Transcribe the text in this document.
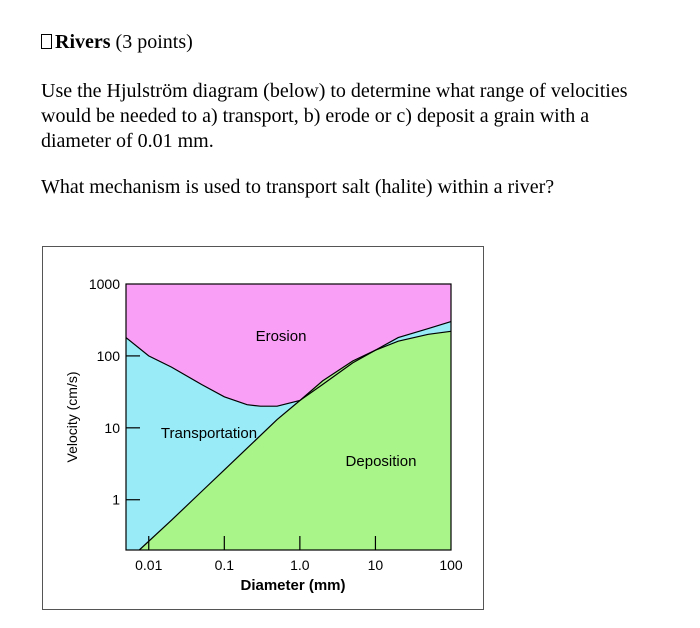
Rivers (3 points)

Use the Hjulström diagram (below) to determine what range of velocities
would be needed to a) transport, b) erode or c) deposit a grain with a
diameter of 0.01 mm.

What mechanism is used to transport salt (halite) within a river?

0.01	0.1	1.0	10	100
1
10
100
1000
Erosion
Transportation
Deposition
Diameter (mm)
Velocity (cm/s)
